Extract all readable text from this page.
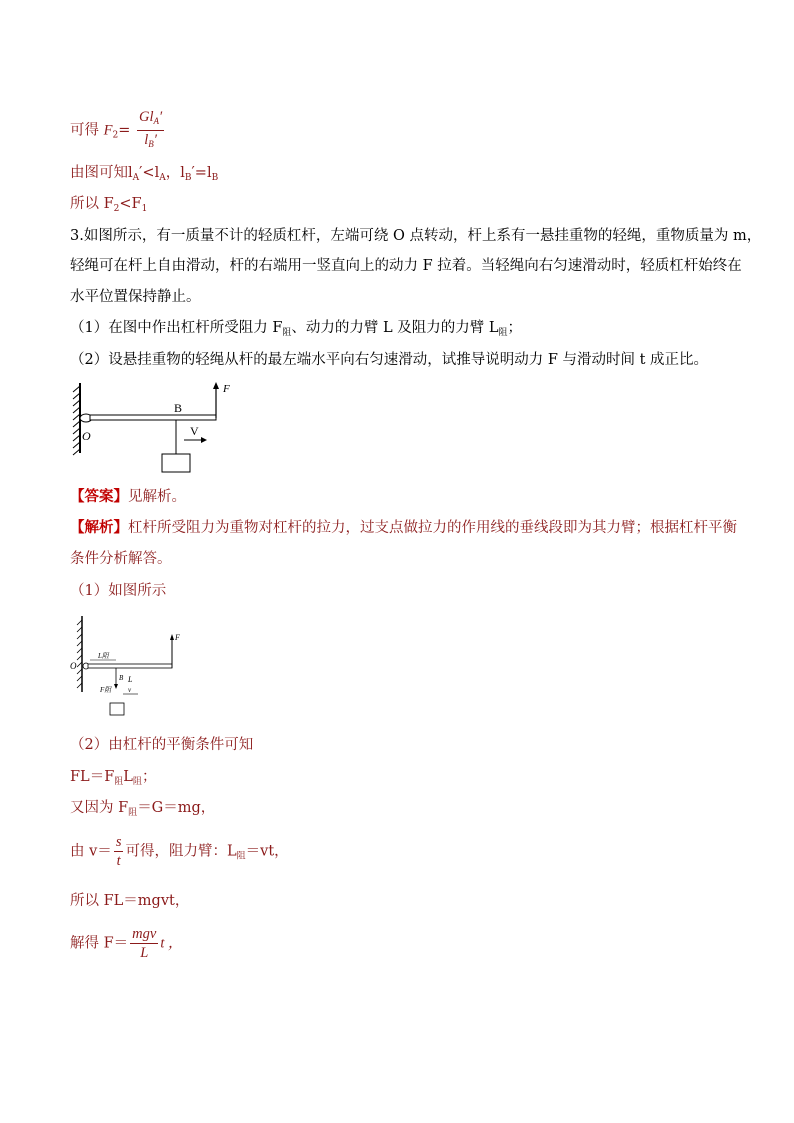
可得 $F_2= \frac{Gl_A'}{l_B'}$
由图可知$l_A'<l_A$，$l_B'=l_B$
所以 $F_2<F_1$
3.如图所示，有一质量不计的轻质杠杆，左端可绕 O 点转动，杆上系有一悬挂重物的轻绳，重物质量为 m，
轻绳可在杆上自由滑动，杆的右端用一竖直向上的动力 F 拉着。当轻绳向右匀速滑动时，轻质杠杆始终在
水平位置保持静止。
（1）在图中作出杠杆所受阻力 $F_阻$、动力的力臂 L 及阻力的力臂 $L_阻$；
（2）设悬挂重物的轻绳从杆的最左端水平向右匀速滑动，试推导说明动力 F 与滑动时间 t 成正比。
F
B
O	V
【答案】见解析。
【解析】杠杆所受阻力为重物对杠杆的拉力，过支点做拉力的作用线的垂线段即为其力臂；根据杠杆平衡
条件分析解答。
（1）如图所示
O
F
L阻
B L
F阻 v
（2）由杠杆的平衡条件可知
$FL=F_阻L_阻$；
又因为 $F_阻=G=mg$，
由 $v= \frac{s}{t}$ 可得，阻力臂：$L_阻=vt$，
所以 FL＝mgvt，
解得 $F= \frac{\text{mgv}}{L}$ t ，
